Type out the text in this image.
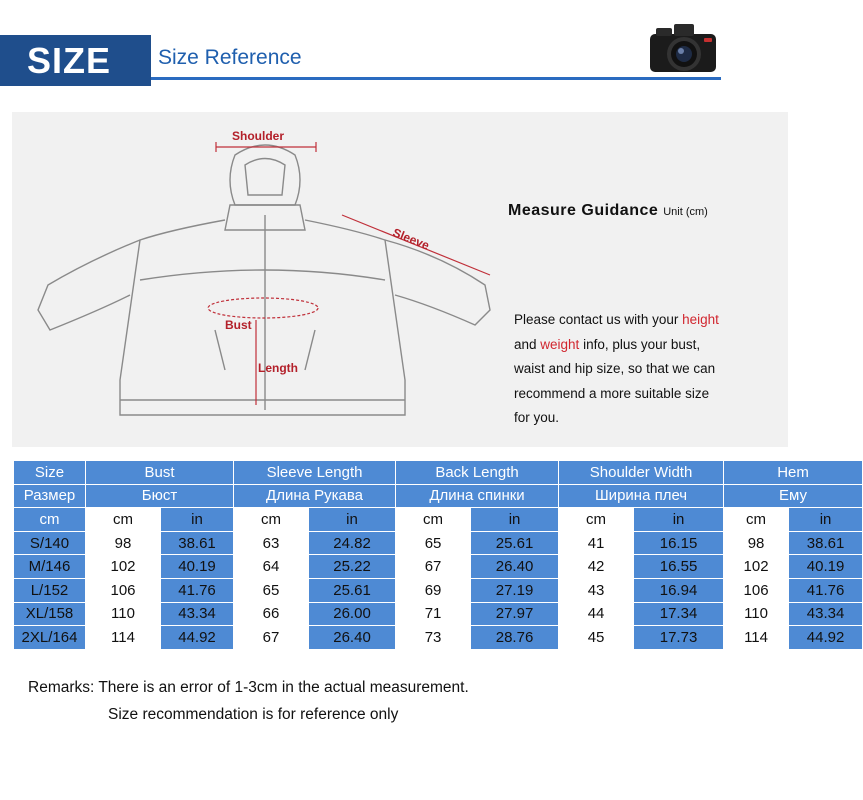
SIZE	Size Reference
Shoulder
Sleeve
Bust
Length
Measure Guidance Unit (cm)
Please contact us with your height
and weight info, plus your bust,
waist and hip size, so that we can
recommend a more suitable size
for you.
Size	Bust		Sleeve Length		Back Length		Shoulder Width		Hem	
Размер	Бюст		Длина Рукава		Длина спинки		Ширина плеч		Ему	
cm	cm	in	cm	in	cm	in	cm	in	cm	in
S/140	98	38.61	63	24.82	65	25.61	41	16.15	98	38.61
M/146	102	40.19	64	25.22	67	26.40	42	16.55	102	40.19
L/152	106	41.76	65	25.61	69	27.19	43	16.94	106	41.76
XL/158	110	43.34	66	26.00	71	27.97	44	17.34	110	43.34
2XL/164	114	44.92	67	26.40	73	28.76	45	17.73	114	44.92
Remarks: There is an error of 1-3cm in the actual measurement.
Size recommendation is for reference only
